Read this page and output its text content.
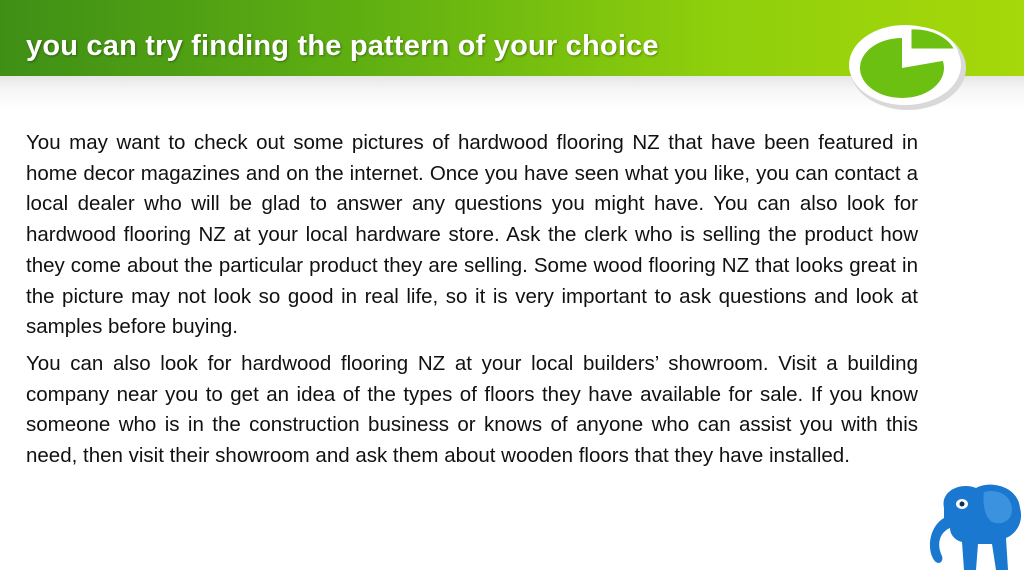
you can try finding the pattern of your choice

You may want to check out some pictures of hardwood flooring NZ that have been featured in home decor magazines and on the internet. Once you have seen what you like, you can contact a local dealer who will be glad to answer any questions you might have. You can also look for hardwood flooring NZ at your local hardware store. Ask the clerk who is selling the product how they come about the particular product they are selling. Some wood flooring NZ that looks great in the picture may not look so good in real life, so it is very important to ask questions and look at samples before buying.

You can also look for hardwood flooring NZ at your local builders’ showroom. Visit a building company near you to get an idea of the types of floors they have available for sale. If you know someone who is in the construction business or knows of anyone who can assist you with this need, then visit their showroom and ask them about wooden floors that they have installed.
